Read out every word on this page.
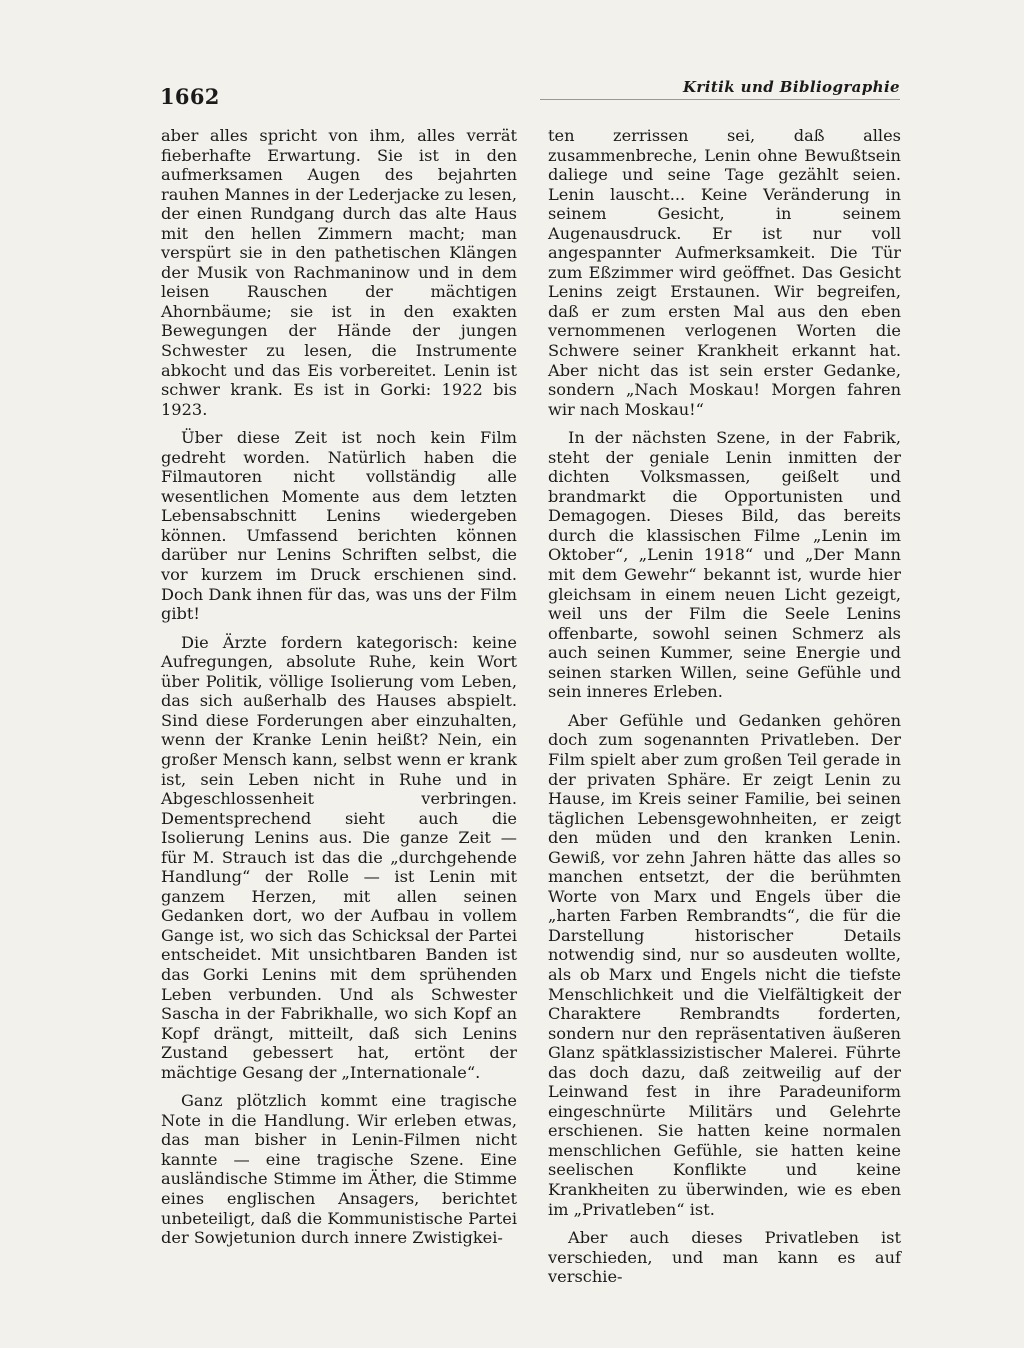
1662	Kritik und Bibliographie

aber alles spricht von ihm, alles verrät fieberhafte Erwartung. Sie ist in den aufmerksamen Augen des bejahrten rauhen Mannes in der Lederjacke zu lesen, der einen Rundgang durch das alte Haus mit den hellen Zimmern macht; man verspürt sie in den pathetischen Klängen der Musik von Rachmaninow und in dem leisen Rauschen der mächtigen Ahornbäume; sie ist in den exakten Bewegungen der Hände der jungen Schwester zu lesen, die Instrumente abkocht und das Eis vorbereitet. Lenin ist schwer krank. Es ist in Gorki: 1922 bis 1923.

Über diese Zeit ist noch kein Film gedreht worden. Natürlich haben die Filmautoren nicht vollständig alle wesentlichen Momente aus dem letzten Lebensabschnitt Lenins wiedergeben können. Umfassend berichten können darüber nur Lenins Schriften selbst, die vor kurzem im Druck erschienen sind. Doch Dank ihnen für das, was uns der Film gibt!

Die Ärzte fordern kategorisch: keine Aufregungen, absolute Ruhe, kein Wort über Politik, völlige Isolierung vom Leben, das sich außerhalb des Hauses abspielt. Sind diese Forderungen aber einzuhalten, wenn der Kranke Lenin heißt? Nein, ein großer Mensch kann, selbst wenn er krank ist, sein Leben nicht in Ruhe und in Abgeschlossenheit verbringen. Dementsprechend sieht auch die Isolierung Lenins aus. Die ganze Zeit — für M. Strauch ist das die „durchgehende Handlung“ der Rolle — ist Lenin mit ganzem Herzen, mit allen seinen Gedanken dort, wo der Aufbau in vollem Gange ist, wo sich das Schicksal der Partei entscheidet. Mit unsichtbaren Banden ist das Gorki Lenins mit dem sprühenden Leben verbunden. Und als Schwester Sascha in der Fabrikhalle, wo sich Kopf an Kopf drängt, mitteilt, daß sich Lenins Zustand gebessert hat, ertönt der mächtige Gesang der „Internationale“.

Ganz plötzlich kommt eine tragische Note in die Handlung. Wir erleben etwas, das man bisher in Lenin-Filmen nicht kannte — eine tragische Szene. Eine ausländische Stimme im Äther, die Stimme eines englischen Ansagers, berichtet unbeteiligt, daß die Kommunistische Partei der Sowjetunion durch innere Zwistigkei-

ten zerrissen sei, daß alles zusammenbreche, Lenin ohne Bewußtsein daliege und seine Tage gezählt seien. Lenin lauscht... Keine Veränderung in seinem Gesicht, in seinem Augenausdruck. Er ist nur voll angespannter Aufmerksamkeit. Die Tür zum Eßzimmer wird geöffnet. Das Gesicht Lenins zeigt Erstaunen. Wir begreifen, daß er zum ersten Mal aus den eben vernommenen verlogenen Worten die Schwere seiner Krankheit erkannt hat. Aber nicht das ist sein erster Gedanke, sondern „Nach Moskau! Morgen fahren wir nach Moskau!“

In der nächsten Szene, in der Fabrik, steht der geniale Lenin inmitten der dichten Volksmassen, geißelt und brandmarkt die Opportunisten und Demagogen. Dieses Bild, das bereits durch die klassischen Filme „Lenin im Oktober“, „Lenin 1918“ und „Der Mann mit dem Gewehr“ bekannt ist, wurde hier gleichsam in einem neuen Licht gezeigt, weil uns der Film die Seele Lenins offenbarte, sowohl seinen Schmerz als auch seinen Kummer, seine Energie und seinen starken Willen, seine Gefühle und sein inneres Erleben.

Aber Gefühle und Gedanken gehören doch zum sogenannten Privatleben. Der Film spielt aber zum großen Teil gerade in der privaten Sphäre. Er zeigt Lenin zu Hause, im Kreis seiner Familie, bei seinen täglichen Lebensgewohnheiten, er zeigt den müden und den kranken Lenin. Gewiß, vor zehn Jahren hätte das alles so manchen entsetzt, der die berühmten Worte von Marx und Engels über die „harten Farben Rembrandts“, die für die Darstellung historischer Details notwendig sind, nur so ausdeuten wollte, als ob Marx und Engels nicht die tiefste Menschlichkeit und die Vielfältigkeit der Charaktere Rembrandts forderten, sondern nur den repräsentativen äußeren Glanz spätklassizistischer Malerei. Führte das doch dazu, daß zeitweilig auf der Leinwand fest in ihre Paradeuniform eingeschnürte Militärs und Gelehrte erschienen. Sie hatten keine normalen menschlichen Gefühle, sie hatten keine seelischen Konflikte und keine Krankheiten zu überwinden, wie es eben im „Privatleben“ ist.

Aber auch dieses Privatleben ist verschieden, und man kann es auf verschie-
